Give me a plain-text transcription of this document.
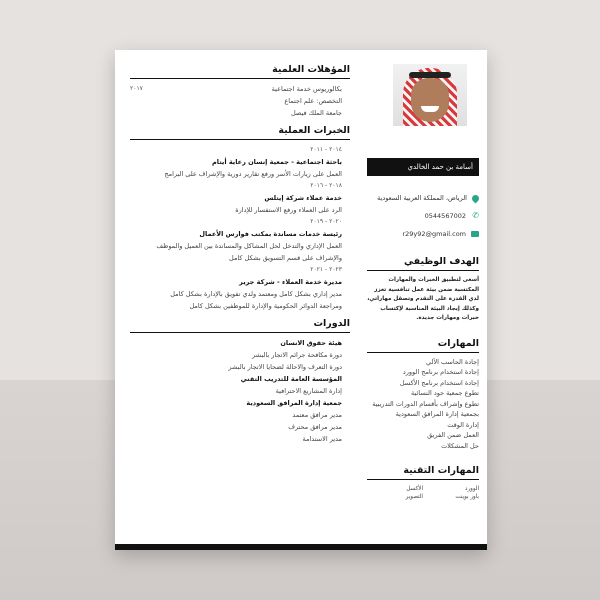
أسامة بن حمد الخالدي
الرياض، المملكة العربية السعودية
✆
0544567002
r29y92@gmail.com
الهدف الوظيفي
أسعى لتطبيق الخبرات والمهارات المكتسبة ضمن بيئة عمل تنافسية تعزز لدي القدرة على التقدم وتصقل مهاراتي، وكذلك إيجاد البيئة المناسبة لإكتساب خبرات ومهارات جديدة.
المهارات
إجادة الحاسب الآلي
إجادة استخدام برنامج الوورد
إجادة استخدام برنامج الأكسل
تطوع جمعية جود النسائية
تطوع وإشراف بأقسام الدورات التدريبية
بجمعية إدارة المرافق السعودية
إدارة الوقت
العمل ضمن الفريق
حل المشكلات
المهارات التقنية
الوورد
الأكسل
باور بوينت
التصوير
المؤهلات العلمية
بكالوريوس خدمة اجتماعية
٢٠١٧
التخصص: علم اجتماع
جامعة الملك فيصل
الخبرات العملية
٢٠١٤ - ٢٠١١
باحثة اجتماعية - جمعية إنسان رعاية أيتام
العمل على زيارات الأسر ورفع تقارير دورية والإشراف على البرامج
٢٠١٨ - ٢٠١٦
خدمة عملاء شركة إيتلس
الرد على العملاء ورفع الاستفسار للإدارة
٢٠٢٠ - ٢٠١٩
رئيسة خدمات مساندة بمكتب فوارس الأعمال
العمل الإداري والتدخل لحل المشاكل والمساندة بين العميل والموظف
والإشراف على قسم التسويق بشكل كامل
٢٠٢٣ - ٢٠٢١
مديرة خدمة العملاء - شركة جرير
مدير إداري بشكل كامل ومعتمد ولدي تفويق بالإدارة بشكل كامل
ومراجعة الدوائر الحكومية والإدارة للموظفين بشكل كامل
الدورات
هيئة حقوق الانسان
دورة مكافحة جرائم الاتجار بالبشر
دورة التعرف والاحالة لضحايا الاتجار بالبشر
المؤسسة العامة للتدريب التقني
إدارة المشاريع الاحترافية
جمعية إدارة المرافق السعودية
مدير مرافق معتمد
مدير مرافق محترف
مدير الاستدامة
